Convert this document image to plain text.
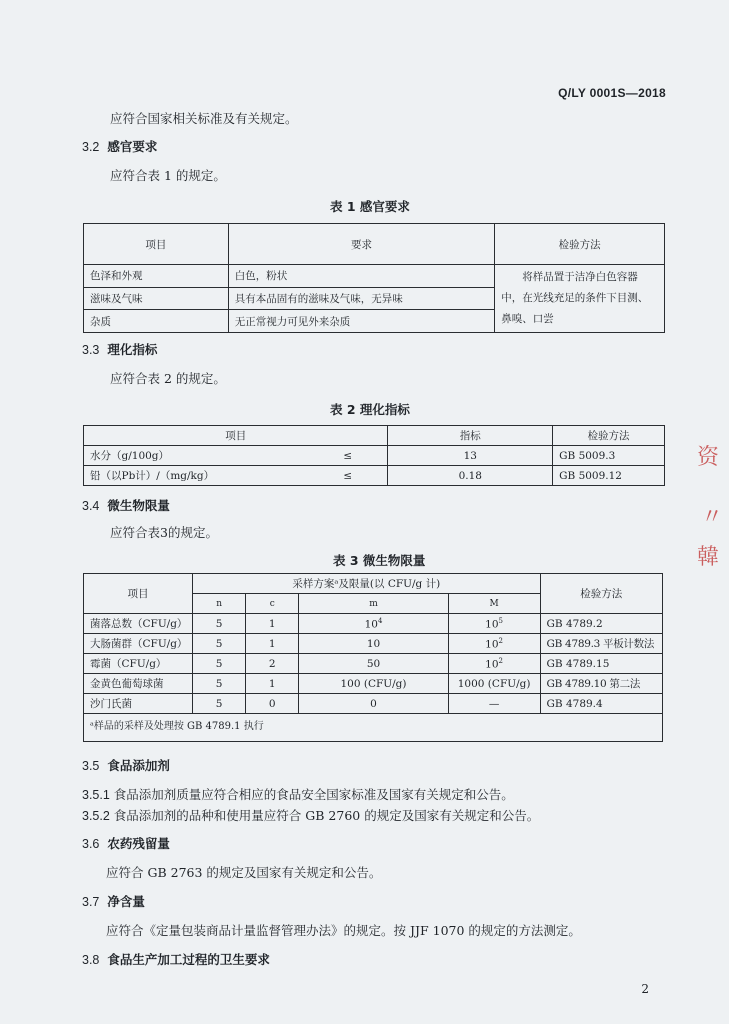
Q/LY 0001S—2018
应符合国家相关标准及有关规定。
3.2 感官要求
应符合表 1 的规定。
表 1 感官要求
项目	要求	检验方法
色泽和外观	白色，粉状	将样品置于洁净白色容器中，在光线充足的条件下目测、鼻嗅、口尝
滋味及气味	具有本品固有的滋味及气味，无异味	
杂质	无正常视力可见外来杂质	
3.3 理化指标
应符合表 2 的规定。
表 2 理化指标
项目		指标	检验方法
水分（g/100g）	≤	13	GB 5009.3
铅（以Pb计）/（mg/kg）	≤	0.18	GB 5009.12
3.4 微生物限量
应符合表3的规定。
表 3 微生物限量
项目	采样方案ᵃ及限量(以 CFU/g 计)				检验方法
	n	c	m	M	
菌落总数（CFU/g）	5	1	$10^4$	$10^5$	GB 4789.2
大肠菌群（CFU/g）	5	1	10	$10^2$	GB 4789.3 平板计数法
霉菌（CFU/g）	5	2	50	$10^2$	GB 4789.15
金黄色葡萄球菌	5	1	100 (CFU/g)	1000 (CFU/g)	GB 4789.10 第二法
沙门氏菌	5	0	0	—	GB 4789.4
ᵃ样品的采样及处理按 GB 4789.1 执行					
3.5 食品添加剂
3.5.1 食品添加剂质量应符合相应的食品安全国家标准及国家有关规定和公告。
3.5.2 食品添加剂的品种和使用量应符合 GB 2760 的规定及国家有关规定和公告。
3.6 农药残留量
应符合 GB 2763 的规定及国家有关规定和公告。
3.7 净含量
应符合《定量包装商品计量监督管理办法》的规定。按 JJF 1070 的规定的方法测定。
3.8 食品生产加工过程的卫生要求
2
资
〃
韓
